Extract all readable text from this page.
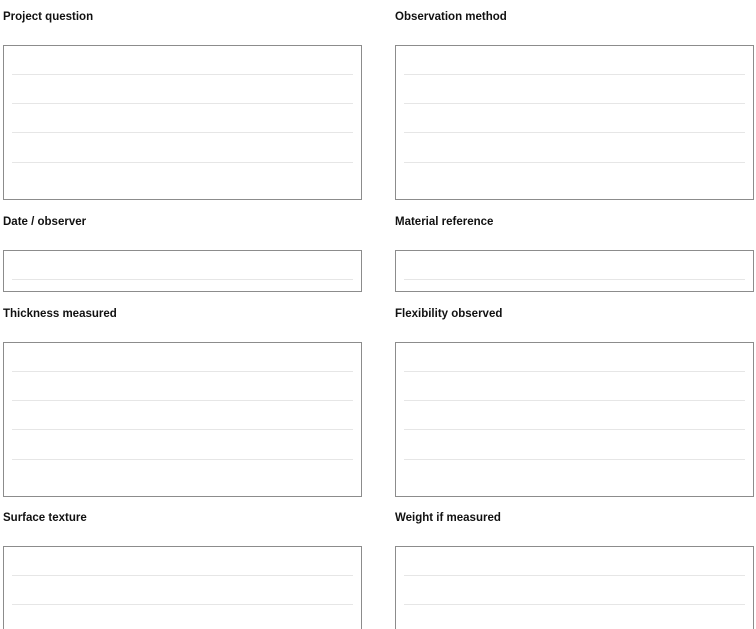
Project question	Observation method
Date / observer	Material reference
Thickness measured	Flexibility observed
Surface texture	Weight if measured
